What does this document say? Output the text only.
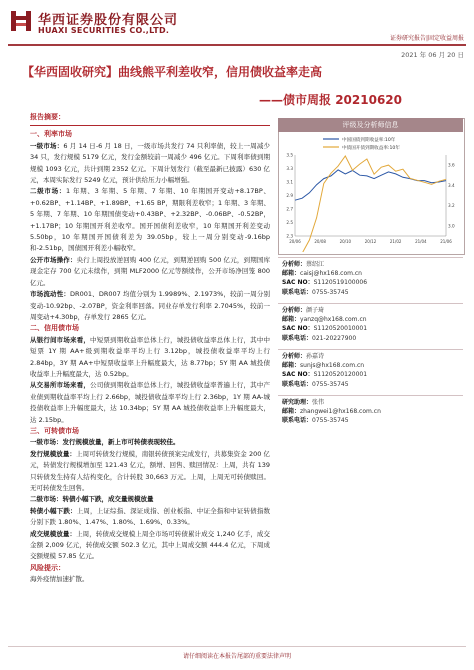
华西证券股份有限公司
HUAXI SECURITIES CO.,LTD.
证券研究报告|固定收益周报
2021 年 06 月 20 日
【华西固收研究】曲线熊平利差收窄，信用债收益率走高
——债市周报 20210620
报告摘要：
一、利率市场

一级市场：6 月 14 日-6 月 18 日，一级市场共发行 74 只利率债，较上一周减少 34 只，发行规模 5179 亿元，发行金额较前一周减少 496 亿元。下周利率债到期规模 1093 亿元，共计到期 2352 亿元。下周计划发行（截至最新已披露）630 亿元，本周实际发行 5249 亿元，预计供给压力小幅增强。

二级市场：1 年期、3 年期、5 年期、7 年期、10 年期国开变动+8.17BP、+0.62BP、+1.14BP、+1.89BP、+1.65 BP，期限利差收窄；1 年期、3 年期、5 年期、7 年期、10 年期国债变动+0.43BP、+2.32BP、-0.06BP、-0.52BP，+1.17BP；10 年期国开利差收窄。国开国债利差收窄，10 年期国开利差变动 5.50bp，10 年期国开国债利差为 39.05bp，较上一周分别变动-9.16bp 和-2.51bp，国债国开利差小幅收窄。

公开市场操作：央行上周投放逆回购 400 亿元，到期逆回购 500 亿元，到期国库现金定存 700 亿元未续作，到期 MLF2000 亿元等额续作，公开市场净回笼 800 亿元。

市场流动性：DR001、DR007 均值分别为 1.9989%、2.1973%，较前一周分别变动-10.92bp、-2.07BP，资金利率回落。同业存单发行利率 2.7045%，较前一周变动+4.30bp，存单发行 2865 亿元。

二、信用债市场

从银行间市场来看，中短票到期收益率总体上行，城投债收益率总体上行，其中中短票 1Y 期 AA+级到期收益率平均上行 3.12bp，城投债收益率平均上行 2.84bp，3Y 期 AA+中短票收益率上升幅度最大，达 8.77bp；5Y 期 AA 城投债收益率上升幅度最大，达 0.52bp。

从交易所市场来看，公司债到期收益率总体上行，城投债收益率普遍上行，其中产业债到期收益率平均上行 2.66bp，城投债收益率平均上行 2.36bp，1Y 期 AA-城投债收益率上升幅度最大，达 10.34bp；5Y 期 AA 城投债收益率上升幅度最大，达 2.15bp。

三、可转债市场

一级市场：发行规模放量，新上市可转债表现较佳。

发行规模放量：上周可转债发行规模，南银转债预案完成发行，共募集资金 200 亿元，转债发行规模增加至 121.43 亿元，额增、回售、赎回情况：上周，共有 139 只转债发生持有人结构变化，合计转股 30,663 万元。上周，上周无可转债赎回。无可转债发生回售。

二级市场：转债小幅下跌，成交量规模放量

转债小幅下跌：上周，上证综指、深证成指、创业板指、中证全指和中证转债指数分别下跌 1.80%、1.47%、1.80%、1.69%、0.33%。

成交规模放量：上周，转债成交规模上周全市场可转债累计成交 1,240 亿手，成交金额 2,009 亿元，转债成交额 502.3 亿元，其中上周成交额 444.4 亿元，下周成交额规模 57.85 亿元。

风险提示：

海外疫情加速扩散。

评级及分析师信息
中国国债到期收益率:10年
中债国开债到期收益率:10年
2.3
2.5
2.7
2.9
3.1
3.3
3.5
3.0
3.2
3.4
3.6
20/06	20/08	20/10	20/12	21/02	21/04	21/06
分析师：蔡绍江
邮箱：caisj@hx168.com.cn
SAC NO：S1120519100006
联系电话：0755-35745
分析师：颜子琦
邮箱：yanzq@hx168.com.cn
SAC NO：S1120520010001
联系电话：021-20227900
分析师：孙嘉诗
邮箱：sunjs@hx168.com.cn
SAC NO：S1120520120001
联系电话：0755-35745
研究助理：张伟
邮箱：zhangwei1@hx168.com.cn
联系电话：0755-35745
请仔细阅读在本报告尾部的重要法律声明
